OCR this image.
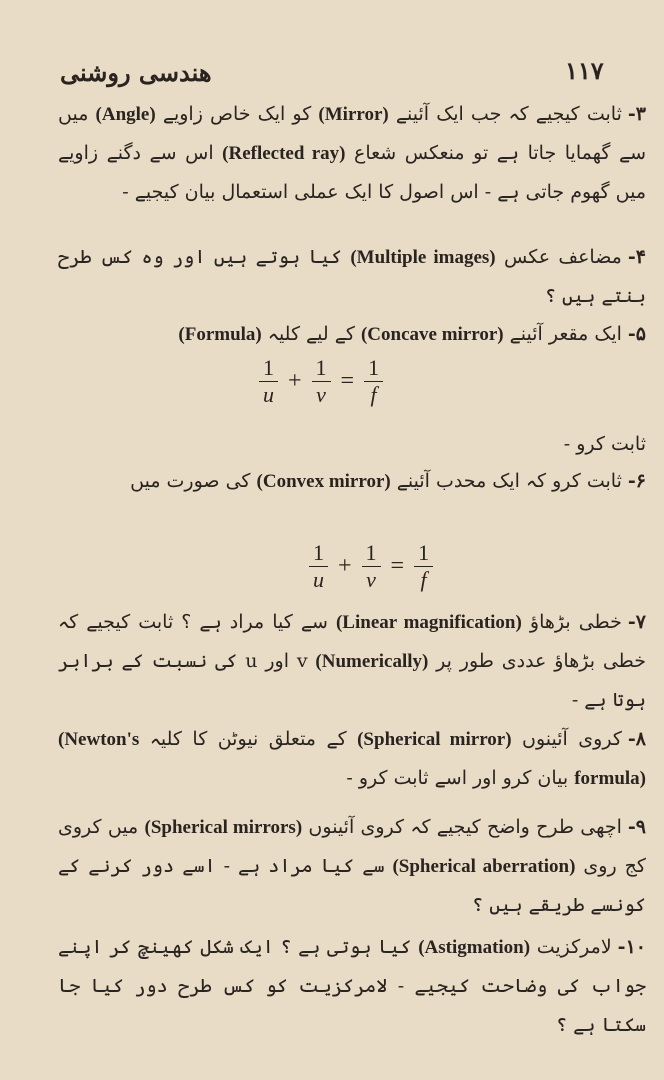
هندسی روشنی	۱۱۷
۳-ثابت کیجیے کہ جب ایک آئینے (Mirror) کو ایک خاص زاویے (Angle) میں سے گھمایا جاتا ہے تو منعکس شعاع (Reflected ray) اس سے دگنے زاویے میں گھوم جاتی ہے - اس اصول کا ایک عملی استعمال بیان کیجیے -
۴-مضاعف عکس (Multiple images) کیا ہوتے ہیں اور وہ کس طرح بنتے ہیں ؟
۵-ایک مقعر آئینے (Concave mirror) کے لیے کلیہ (Formula)
$\frac{1}{u} + \frac{1}{v} = \frac{1}{f}$
ثابت کرو -
۶-ثابت کرو کہ ایک محدب آئینے (Convex mirror) کی صورت میں
$\frac{1}{u} + \frac{1}{v} = \frac{1}{f}$
۷-خطی بڑھاؤ (Linear magnification) سے کیا مراد ہے ؟ ثابت کیجیے کہ خطی بڑھاؤ عددی طور پر (Numerically) v اور u کی نسبت کے برابر ہوتا ہے -
۸-کروی آئینوں (Spherical mirror) کے متعلق نیوٹن کا کلیہ (Newton's formula) بیان کرو اور اسے ثابت کرو -
۹-اچھی طرح واضح کیجیے کہ کروی آئینوں (Spherical mirrors) میں کروی کج روی (Spherical aberration) سے کیا مراد ہے - اسے دور کرنے کے کونسے طریقے ہیں ؟
۱۰-لامرکزیت (Astigmation) کیا ہوتی ہے ؟ ایک شکل کھینچ کر اپنے جواب کی وضاحت کیجیے - لامرکزیت کو کس طرح دور کیا جا سکتا ہے ؟
